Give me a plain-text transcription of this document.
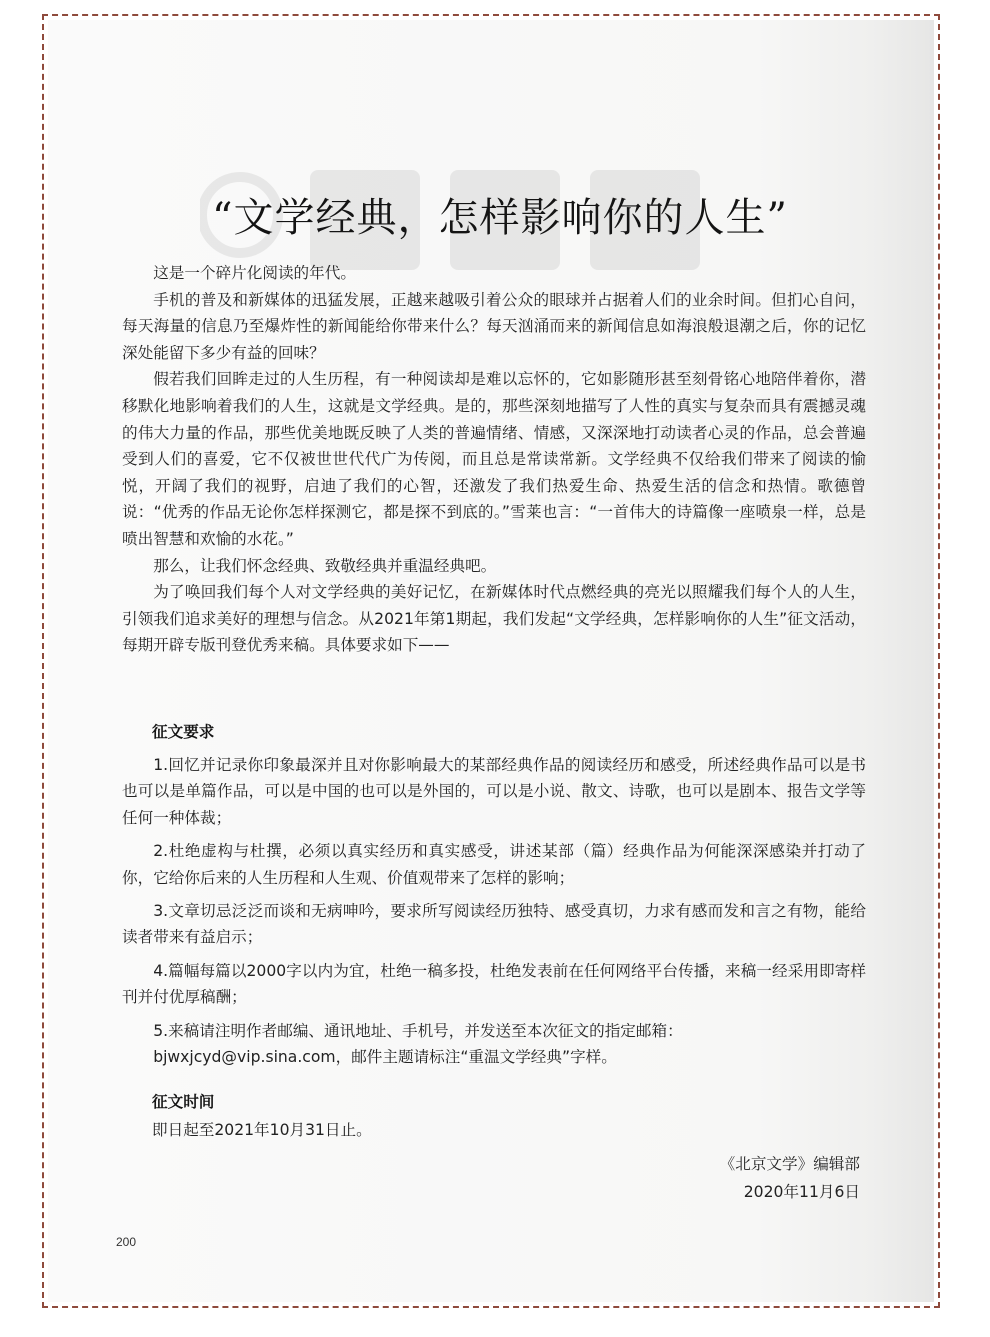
“文学经典，怎样影响你的人生”

这是一个碎片化阅读的年代。

手机的普及和新媒体的迅猛发展，正越来越吸引着公众的眼球并占据着人们的业余时间。但扪心自问，每天海量的信息乃至爆炸性的新闻能给你带来什么？每天汹涌而来的新闻信息如海浪般退潮之后，你的记忆深处能留下多少有益的回味？

假若我们回眸走过的人生历程，有一种阅读却是难以忘怀的，它如影随形甚至刻骨铭心地陪伴着你，潜移默化地影响着我们的人生，这就是文学经典。是的，那些深刻地描写了人性的真实与复杂而具有震撼灵魂的伟大力量的作品，那些优美地既反映了人类的普遍情绪、情感，又深深地打动读者心灵的作品，总会普遍受到人们的喜爱，它不仅被世世代代广为传阅，而且总是常读常新。文学经典不仅给我们带来了阅读的愉悦，开阔了我们的视野，启迪了我们的心智，还激发了我们热爱生命、热爱生活的信念和热情。歌德曾说：“优秀的作品无论你怎样探测它，都是探不到底的。”雪莱也言：“一首伟大的诗篇像一座喷泉一样，总是喷出智慧和欢愉的水花。”

那么，让我们怀念经典、致敬经典并重温经典吧。

为了唤回我们每个人对文学经典的美好记忆，在新媒体时代点燃经典的亮光以照耀我们每个人的人生，引领我们追求美好的理想与信念。从2021年第1期起，我们发起“文学经典，怎样影响你的人生”征文活动，每期开辟专版刊登优秀来稿。具体要求如下——

征文要求

1.回忆并记录你印象最深并且对你影响最大的某部经典作品的阅读经历和感受，所述经典作品可以是书也可以是单篇作品，可以是中国的也可以是外国的，可以是小说、散文、诗歌，也可以是剧本、报告文学等任何一种体裁；

2.杜绝虚构与杜撰，必须以真实经历和真实感受，讲述某部（篇）经典作品为何能深深感染并打动了你，它给你后来的人生历程和人生观、价值观带来了怎样的影响；

3.文章切忌泛泛而谈和无病呻吟，要求所写阅读经历独特、感受真切，力求有感而发和言之有物，能给读者带来有益启示；

4.篇幅每篇以2000字以内为宜，杜绝一稿多投，杜绝发表前在任何网络平台传播，来稿一经采用即寄样刊并付优厚稿酬；

5.来稿请注明作者邮编、通讯地址、手机号，并发送至本次征文的指定邮箱：

bjwxjcyd@vip.sina.com，邮件主题请标注“重温文学经典”字样。

征文时间
即日起至2021年10月31日止。
《北京文学》编辑部
2020年11月6日
200
